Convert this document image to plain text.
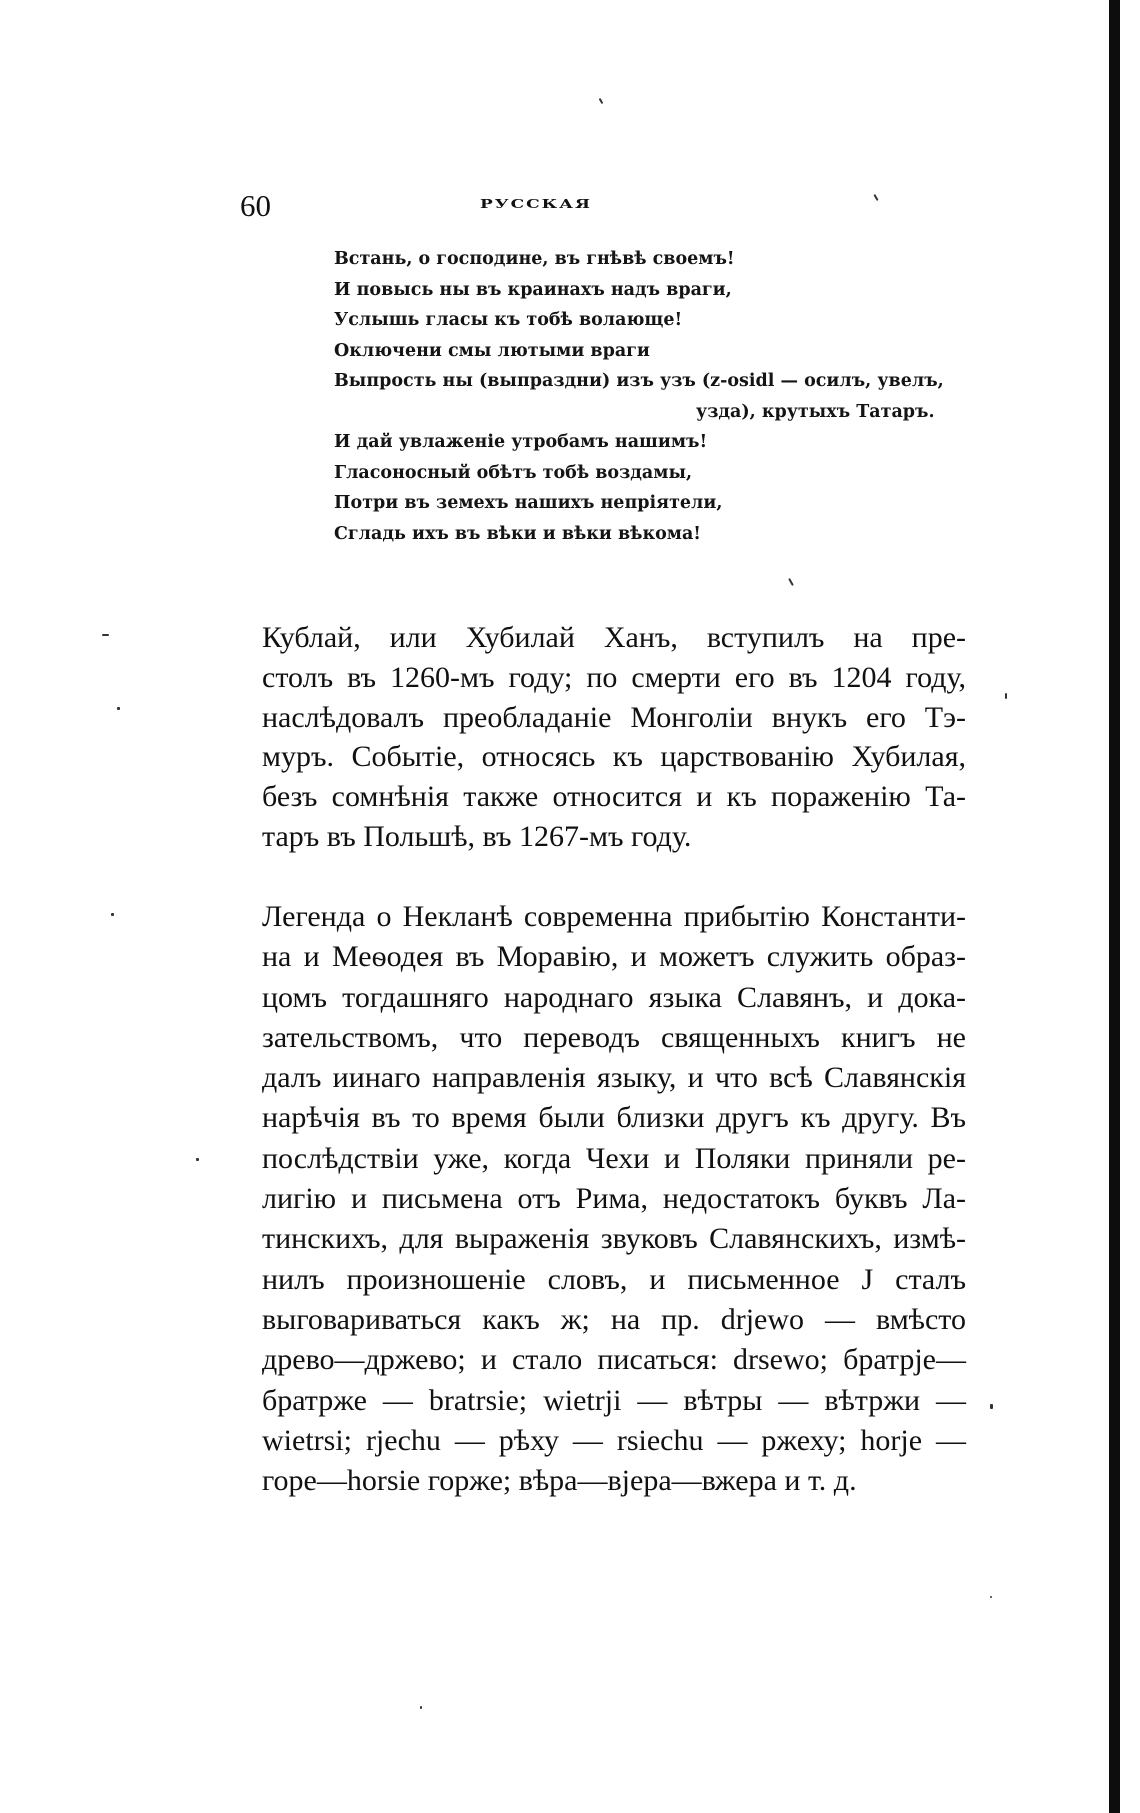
60	РУССКАЯ
Встань, о господине, въ гнѣвѣ своемъ!
И повысь ны въ краинахъ надъ враги,
Услышь гласы къ тобѣ волающе!
Оключени смы лютыми враги
Выпрость ны (выпраздни) изъ узъ (z-osidl — осилъ, увелъ,
узда), крутыхъ Татаръ.
И дай увлаженіе утробамъ нашимъ!
Гласоносный обѣтъ тобѣ воздамы,
Потри въ земехъ нашихъ непріятели,
Сгладь ихъ въ вѣки и вѣки вѣкома!
Кублай, или Хубилай Ханъ, вступилъ на пре-
столъ въ 1260-мъ году; по смерти его въ 1204 году,
наслѣдовалъ преобладаніе Монголіи внукъ его Тэ-
муръ. Событіе, относясь къ царствованію Хубилая,
безъ сомнѣнія также относится и къ пораженію Та-
таръ въ Польшѣ, въ 1267-мъ году.
Легенда о Некланѣ современна прибытію Константи-
на и Меѳодея въ Моравію, и можетъ служить образ-
цомъ тогдашняго народнаго языка Славянъ, и дока-
зательствомъ, что переводъ священныхъ книгъ не
далъ иинаго направленія языку, и что всѣ Славянскія
нарѣчія въ то время были близки другъ къ другу. Въ
послѣдствіи уже, когда Чехи и Поляки приняли ре-
лигію и письмена отъ Рима, недостатокъ буквъ Ла-
тинскихъ, для выраженія звуковъ Славянскихъ, измѣ-
нилъ произношеніе словъ, и письменное J сталъ
выговариваться какъ ж; на пр. drjewo — вмѣсто
древо—држево; и стало писаться: drsewo; братрје—
братрже — bratrsie; wietrji — вѣтры — вѣтржи —
wietrsi; rjechu — рѣху — rsiechu — ржеху; horje —
горе—horsie горже; вѣра—вјера—вжера и т. д.
